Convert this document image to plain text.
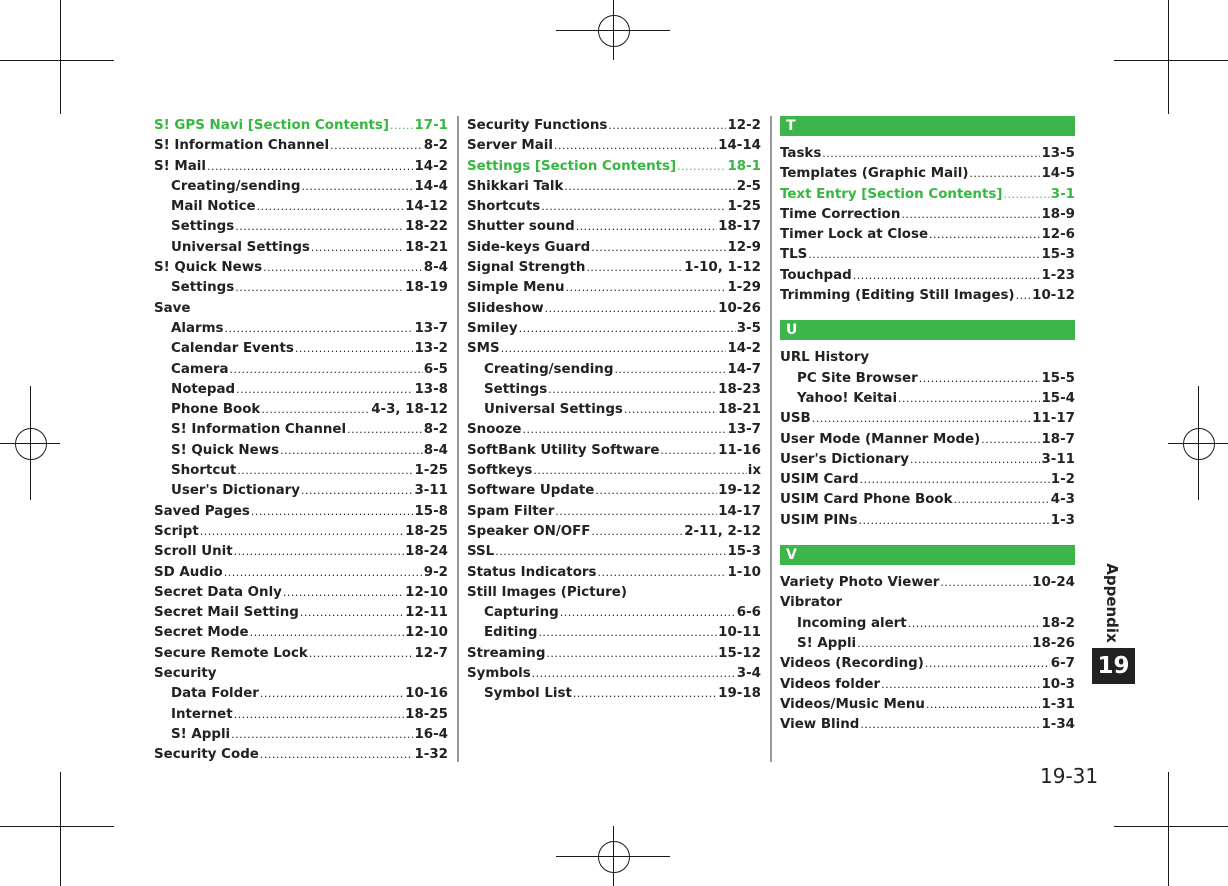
S! GPS Navi [Section Contents] ..... 17-1
S! Information Channel .....	8-2
S! Mail .....	14-2
Creating/sending .....	14-4
Mail Notice .....	14-12
Settings .....	18-22
Universal Settings .....	18-21
S! Quick News .....	8-4
Settings .....	18-19
Save
Alarms .....	13-7
Calendar Events .....	13-2
Camera .....	6-5
Notepad .....	13-8
Phone Book .....	4-3, 18-12
S! Information Channel .....	8-2
S! Quick News .....	8-4
Shortcut .....	1-25
User's Dictionary .....	3-11
Saved Pages .....	15-8
Script .....	18-25
Scroll Unit .....	18-24
SD Audio .....	9-2
Secret Data Only .....	12-10
Secret Mail Setting .....	12-11
Secret Mode .....	12-10
Secure Remote Lock .....	12-7
Security
Data Folder .....	10-16
Internet .....	18-25
S! Appli .....	16-4
Security Code .....	1-32
Security Functions .....	12-2
Server Mail .....	14-14
Settings [Section Contents] .....	18-1
Shikkari Talk .....	2-5
Shortcuts .....	1-25
Shutter sound .....	18-17
Side-keys Guard .....	12-9
Signal Strength .....	1-10, 1-12
Simple Menu .....	1-29
Slideshow .....	10-26
Smiley .....	3-5
SMS .....	14-2
Creating/sending .....	14-7
Settings .....	18-23
Universal Settings .....	18-21
Snooze .....	13-7
SoftBank Utility Software .....	11-16
Softkeys .....	ix
Software Update .....	19-12
Spam Filter .....	14-17
Speaker ON/OFF .....	2-11, 2-12
SSL .....	15-3
Status Indicators .....	1-10
Still Images (Picture)
Capturing .....	6-6
Editing .....	10-11
Streaming .....	15-12
Symbols .....	3-4
Symbol List .....	19-18
T
Tasks .....	13-5
Templates (Graphic Mail) .....	14-5
Text Entry [Section Contents] .....	3-1
Time Correction .....	18-9
Timer Lock at Close .....	12-6
TLS .....	15-3
Touchpad .....	1-23
Trimming (Editing Still Images) ..... 10-12
U
URL History
PC Site Browser .....	15-5
Yahoo! Keitai .....	15-4
USB .....	11-17
User Mode (Manner Mode) .....	18-7
User's Dictionary .....	3-11
USIM Card .....	1-2
USIM Card Phone Book .....	4-3
USIM PINs .....	1-3
V
Variety Photo Viewer .....	10-24
Vibrator
Incoming alert .....	18-2
S! Appli .....	18-26
Videos (Recording) .....	6-7
Videos folder .....	10-3
Videos/Music Menu .....	1-31
View Blind .....	1-34
Appendix
19
19-31
